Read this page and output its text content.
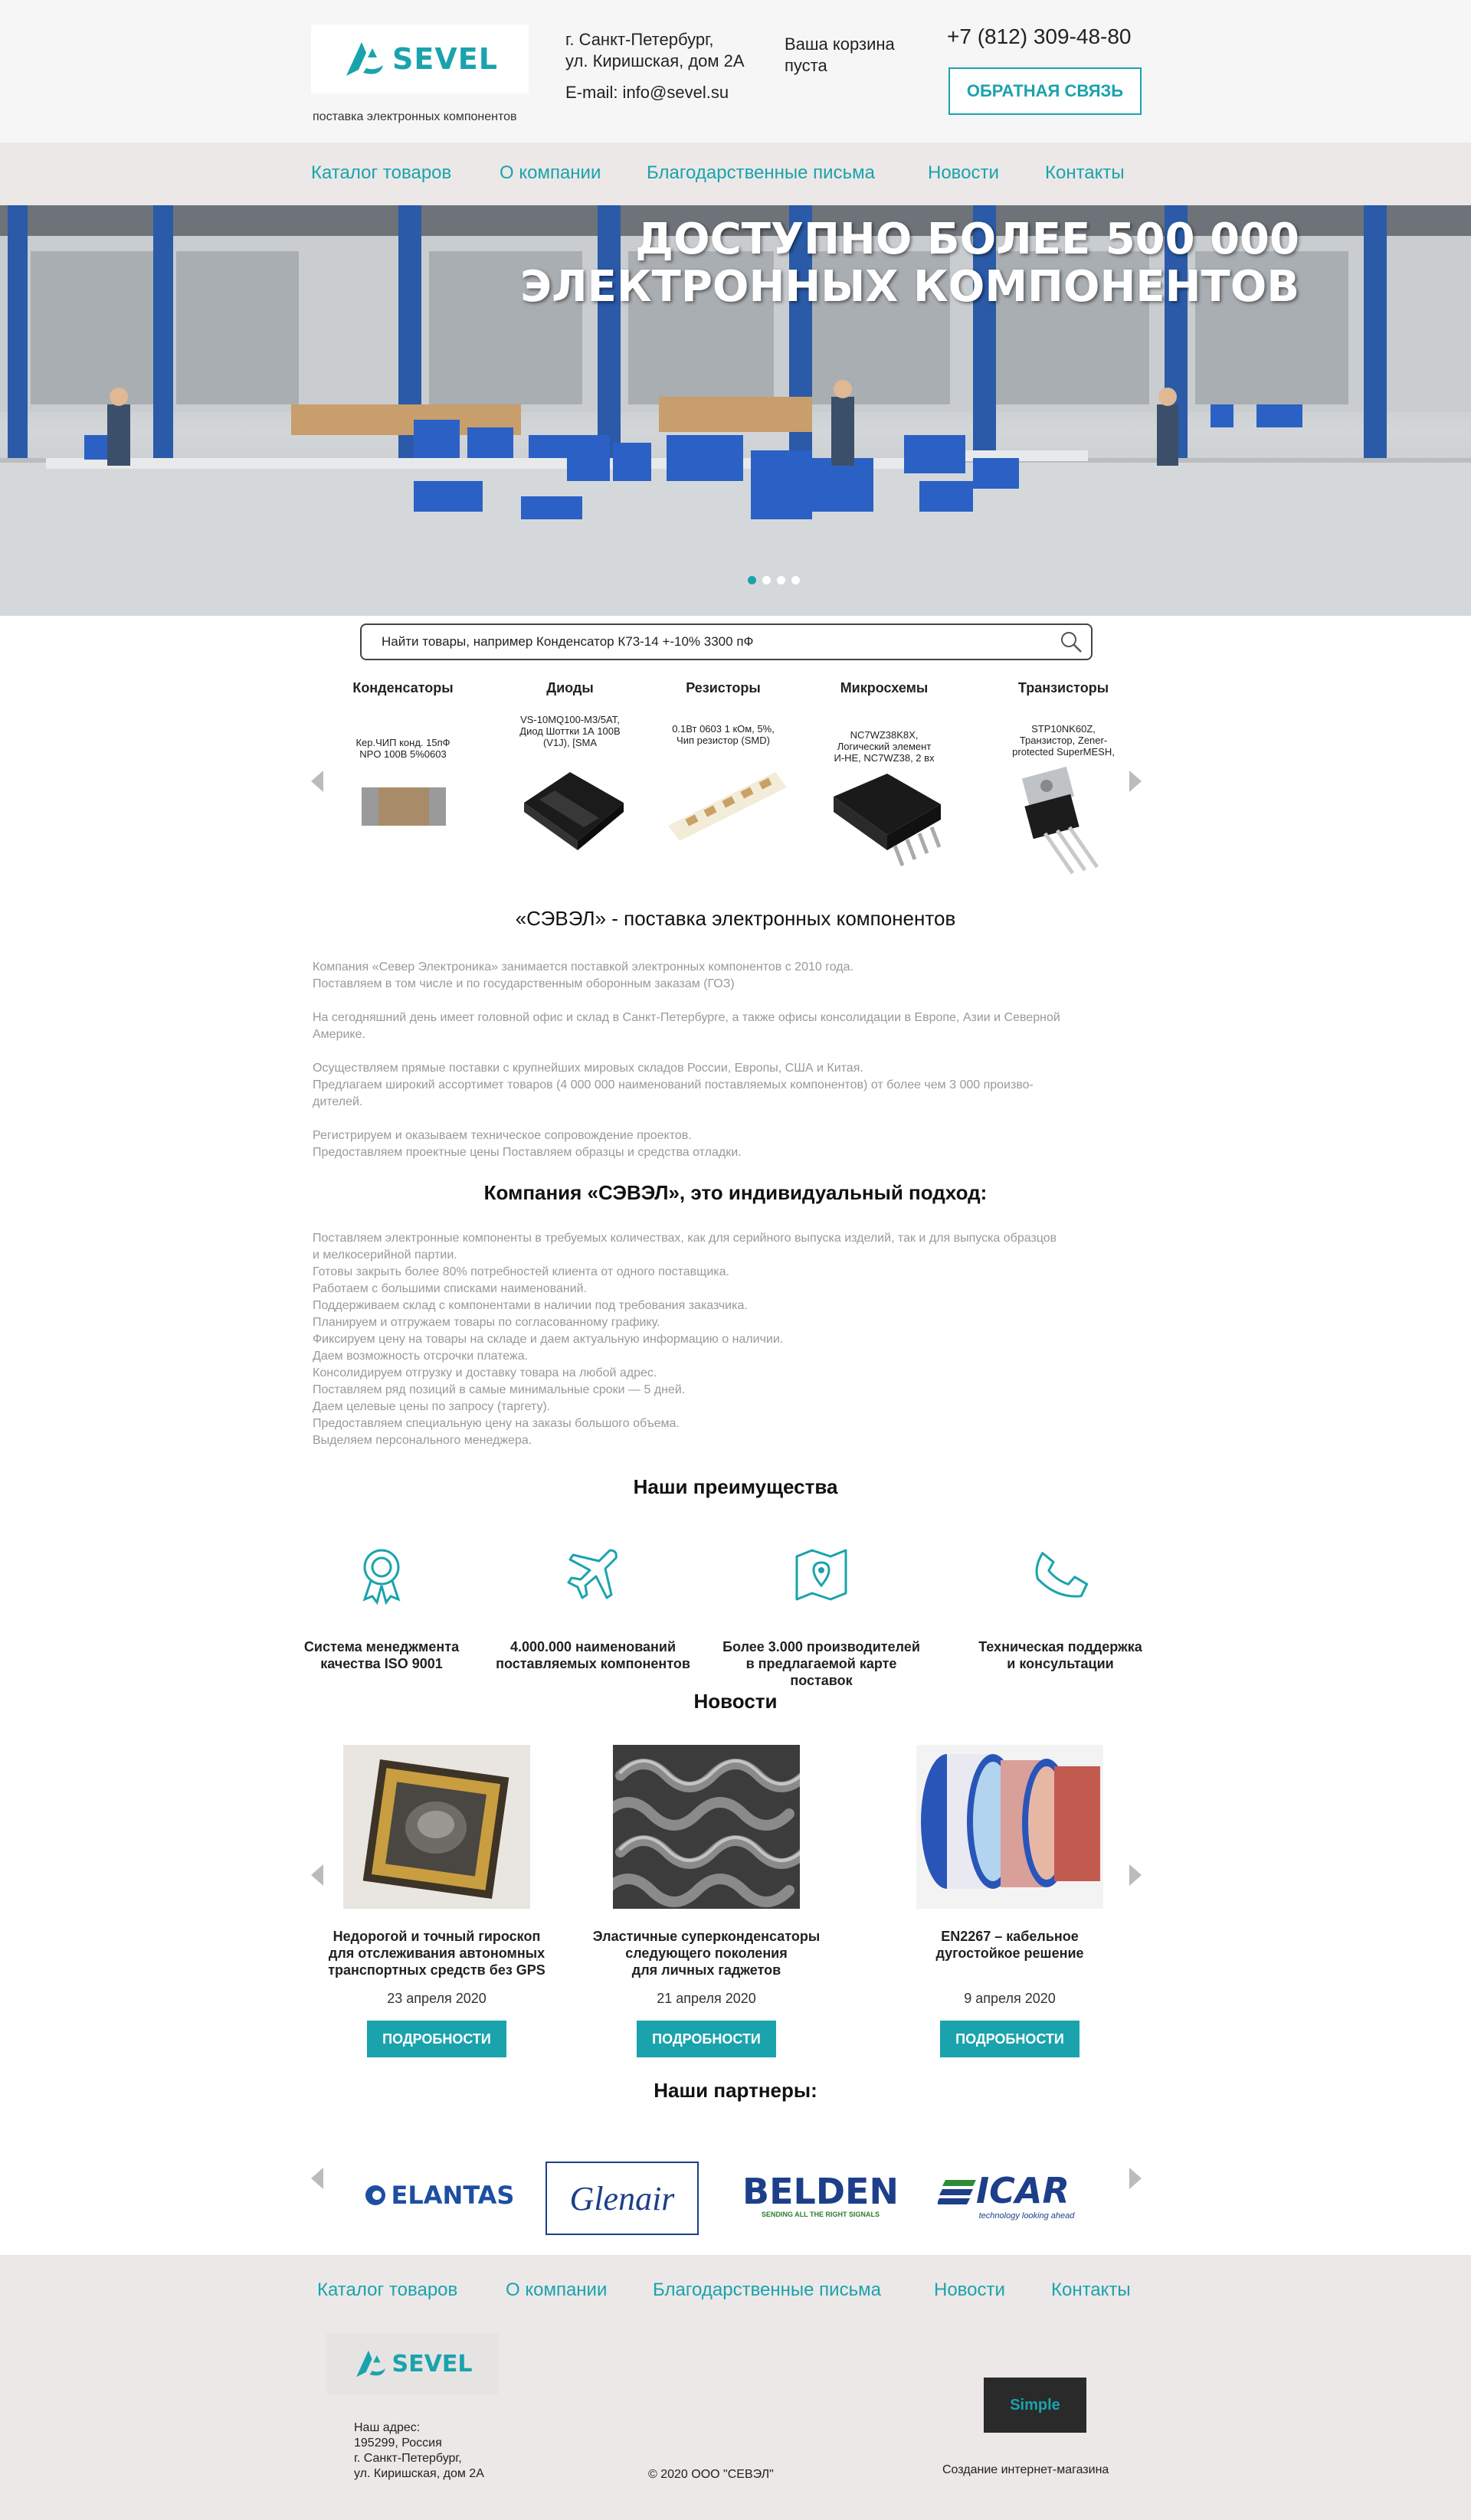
SEVEL
поставка электронных компонентов
г. Санкт-Петербург,
ул. Киришская, дом 2А
E-mail: info@sevel.su
Ваша корзина
пуста
+7 (812) 309-48-80
ОБРАТНАЯ СВЯЗЬ
Каталог товаров	О компании Благодарственные письма	Новости	Контакты
ДОСТУПНО БОЛЕЕ 500 000
ЭЛЕКТРОННЫХ КОМПОНЕНТОВ
Найти товары, например Конденсатор К73-14 +-10% 3300 пФ
Конденсаторы
Кер.ЧИП конд. 15пФ
NPO 100В 5%0603
Диоды
VS-10MQ100-M3/5AT,
Диод Шоттки 1А 100В
(V1J), [SMA
Резисторы
0.1Вт 0603 1 кОм, 5%,
Чип резистор (SMD)
Микросхемы
NC7WZ38K8X,
Логический элемент
И-НЕ, NC7WZ38, 2 вх
Транзисторы
STP10NK60Z,
Транзистор, Zener-
protected SuperMESH,
«СЭВЭЛ» - поставка электронных компонентов

Компания «Север Электроника» занимается поставкой электронных компонентов с 2010 года.

Поставляем в том числе и по государственным оборонным заказам (ГОЗ)

На сегодняшний день имеет головной офис и склад в Санкт-Петербурге, а также офисы консолидации в Европе, Азии и Северной

Америке.

Осуществляем прямые поставки с крупнейших мировых складов России, Европы, США и Китая.

Предлагаем широкий ассортимет товаров (4 000 000 наименований поставляемых компонентов) от более чем 3 000 произво-

дителей.

Регистрируем и оказываем техническое сопровождение проектов.

Предоставляем проектные цены Поставляем образцы и средства отладки.

Компания «СЭВЭЛ», это индивидуальный подход:

Поставляем электронные компоненты в требуемых количествах, как для серийного выпуска изделий, так и для выпуска образцов

и мелкосерийной партии.

Готовы закрыть более 80% потребностей клиента от одного поставщика.

Работаем с большими списками наименований.

Поддерживаем склад с компонентами в наличии под требования заказчика.

Планируем и отгружаем товары по согласованному графику.

Фиксируем цену на товары на складе и даем актуальную информацию о наличии.

Даем возможность отсрочки платежа.

Консолидируем отгрузку и доставку товара на любой адрес.

Поставляем ряд позиций в самые минимальные сроки — 5 дней.

Даем целевые цены по запросу (таргету).

Предоставляем специальную цену на заказы большого объема.

Выделяем персонального менеджера.

Наши преимущества
Система менеджмента
качества ISO 9001
4.000.000 наименований
поставляемых компонентов
Более 3.000 производителей
в предлагаемой карте поставок
Техническая поддержка
и консультации
Новости
Недорогой и точный гироскоп
для отслеживания автономных
транспортных средств без GPS
23 апреля 2020
ПОДРОБНОСТИ
Эластичные суперконденсаторы
следующего поколения
для личных гаджетов
21 апреля 2020
ПОДРОБНОСТИ
EN2267 – кабельное
дугостойкое решение
9 апреля 2020
ПОДРОБНОСТИ
Наши партнеры:
ELANTAS Glenair BELDEN
SENDING ALL THE RIGHT SIGNALS
ICAR
technology looking ahead
Каталог товаров	О компании Благодарственные письма	Новости	Контакты
SEVEL
Наш адрес:
195299, Россия
г. Санкт-Петербург,
ул. Киришская, дом 2А	© 2020 ООО "СЕВЭЛ"
Simple
Создание интернет-магазина
